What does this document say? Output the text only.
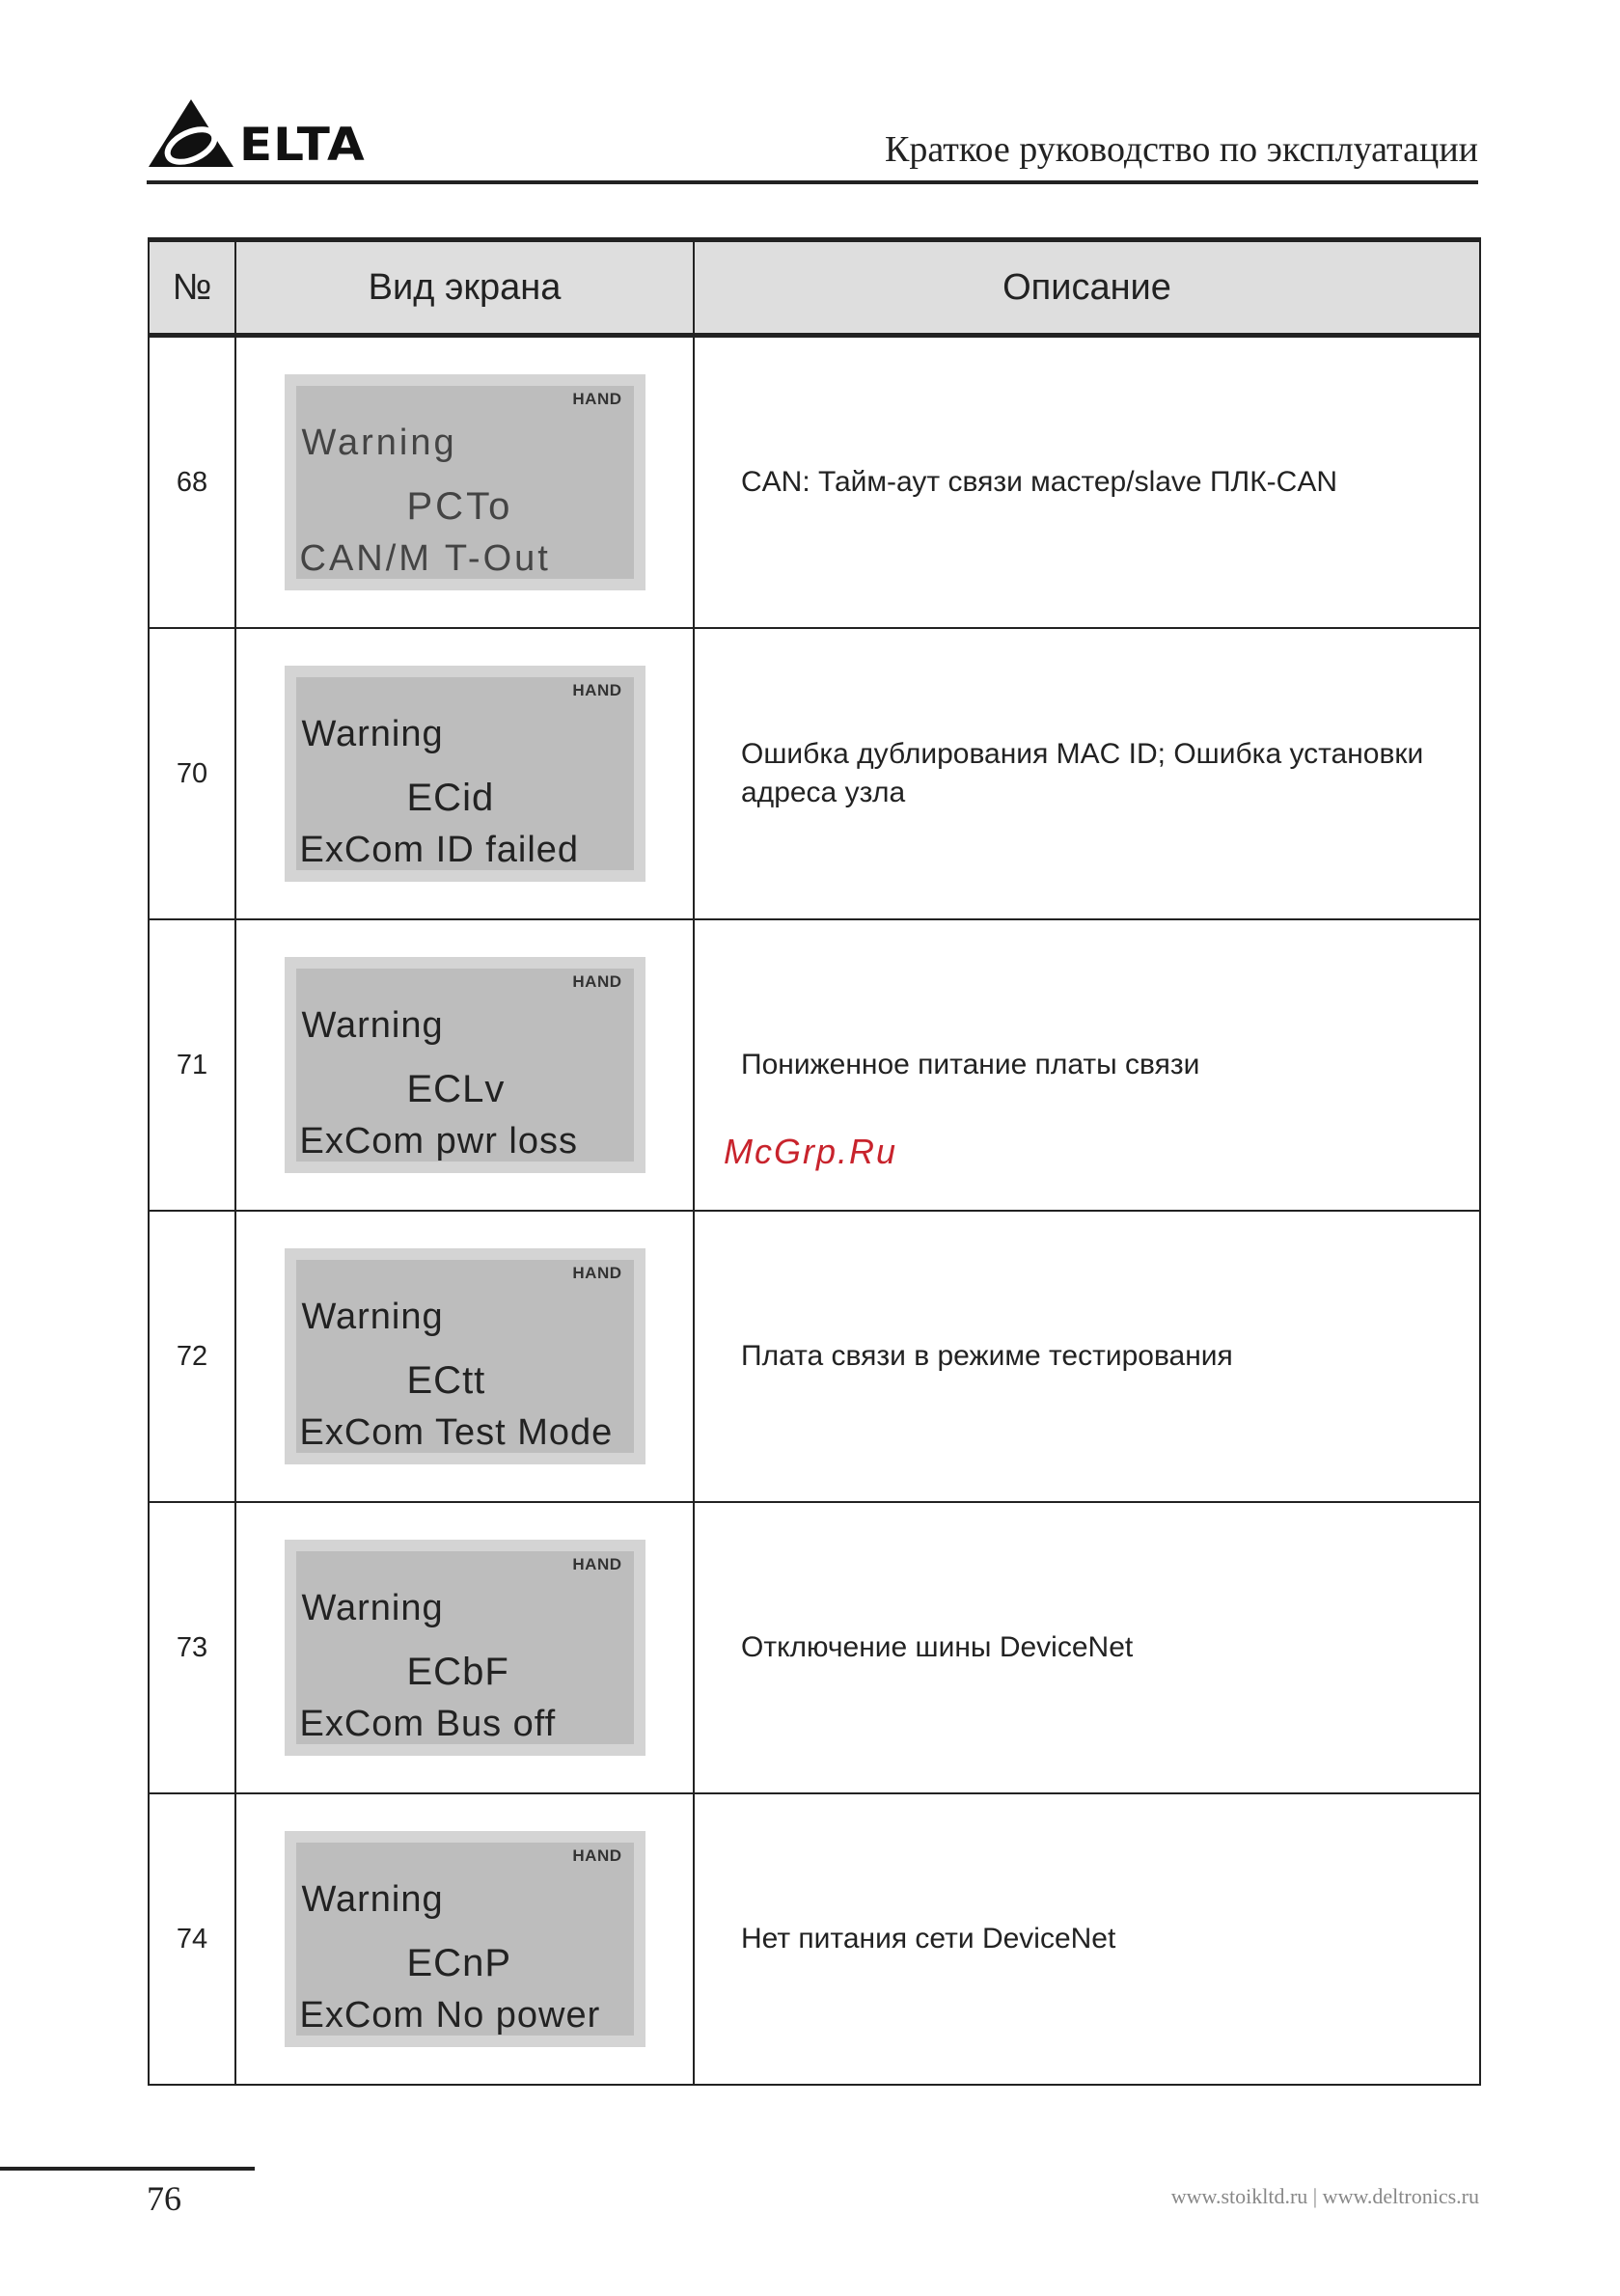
ELTA	Краткое руководство по эксплуатации
№	Вид экрана	Описание
68	HAND
Warning
PCTo
CAN/M T-Out	CAN: Тайм-аут связи мастер/slave ПЛК-CAN
70	HAND
Warning
ECid
ExCom ID failed	Ошибка дублирования MAC ID; Ошибка установки адреса узла
71	HAND
Warning
ECLv
ExCom pwr loss	Пониженное питание платы связи
72	HAND
Warning
ECtt
ExCom Test Mode	Плата связи в режиме тестирования
73	HAND
Warning
ECbF
ExCom Bus off	Отключение шины DeviceNet
74	HAND
Warning
ECnP
ExCom No power	Нет питания сети DeviceNet
McGrp.Ru
76	www.stoikltd.ru | www.deltronics.ru
